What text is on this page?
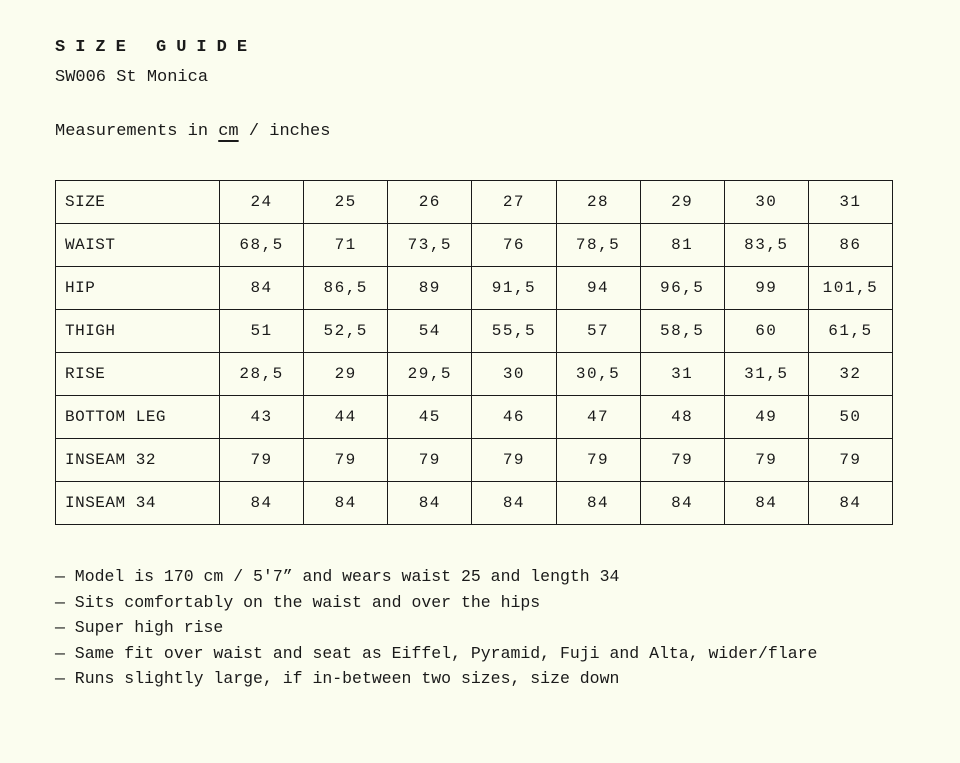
SIZE GUIDE
SW006 St Monica
Measurements in cm / inches
SIZE	24	25	26	27	28	29	30	31
WAIST	68,5	71	73,5	76	78,5	81	83,5	86
HIP	84	86,5	89	91,5	94	96,5	99	101,5
THIGH	51	52,5	54	55,5	57	58,5	60	61,5
RISE	28,5	29	29,5	30	30,5	31	31,5	32
BOTTOM LEG	43	44	45	46	47	48	49	50
INSEAM 32	79	79	79	79	79	79	79	79
INSEAM 34	84	84	84	84	84	84	84	84
— Model is 170 cm / 5'7” and wears waist 25 and length 34
— Sits comfortably on the waist and over the hips
— Super high rise
— Same fit over waist and seat as Eiffel, Pyramid, Fuji and Alta, wider/flare
— Runs slightly large, if in-between two sizes, size down
